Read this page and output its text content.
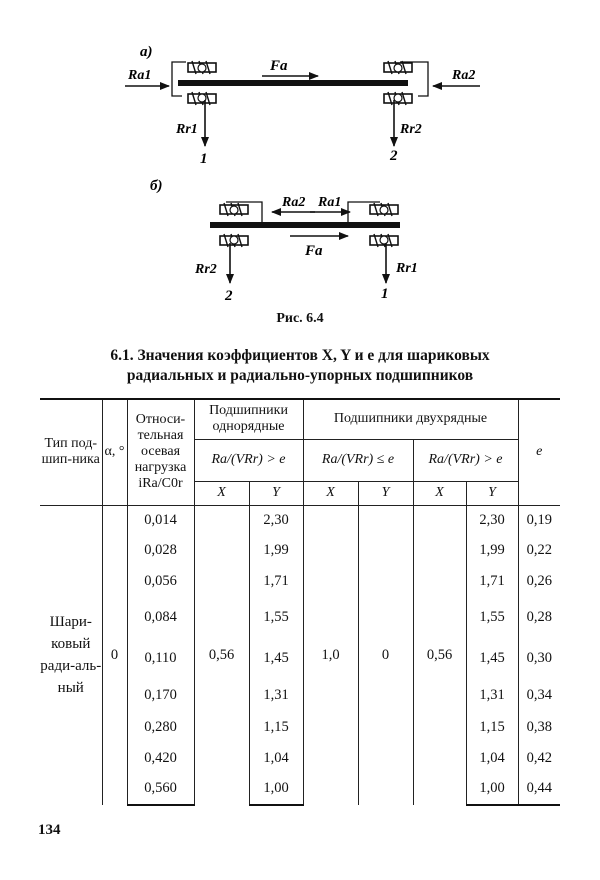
а)
Fa
Ra1	Ra2
Rr1	Rr2
1	2
б)
Ra2 Ra1
Fa
Rr2	Rr1
2	1
Рис. 6.4
6.1. Значения коэффициентов X, Y и e для шариковых
радиальных и радиально-упорных подшипников
Тип под-шип-ника	α, °	Относи-тельная осевая нагрузка iRa/C0r	Подшипники однорядные		Подшипники двухрядные				e
			Ra/(VRr) > e		Ra/(VRr) ≤ e		Ra/(VRr) > e		
			X	Y	X	Y	X	Y	
Шари-ковый ради-аль-ный	0	0,014	0,56	2,30	1,0	0	0,56	2,30	0,19
		0,028		1,99				1,99	0,22
		0,056		1,71				1,71	0,26
		0,084		1,55				1,55	0,28
		0,110		1,45				1,45	0,30
		0,170		1,31				1,31	0,34
		0,280		1,15				1,15	0,38
		0,420		1,04				1,04	0,42
		0,560		1,00				1,00	0,44
134
